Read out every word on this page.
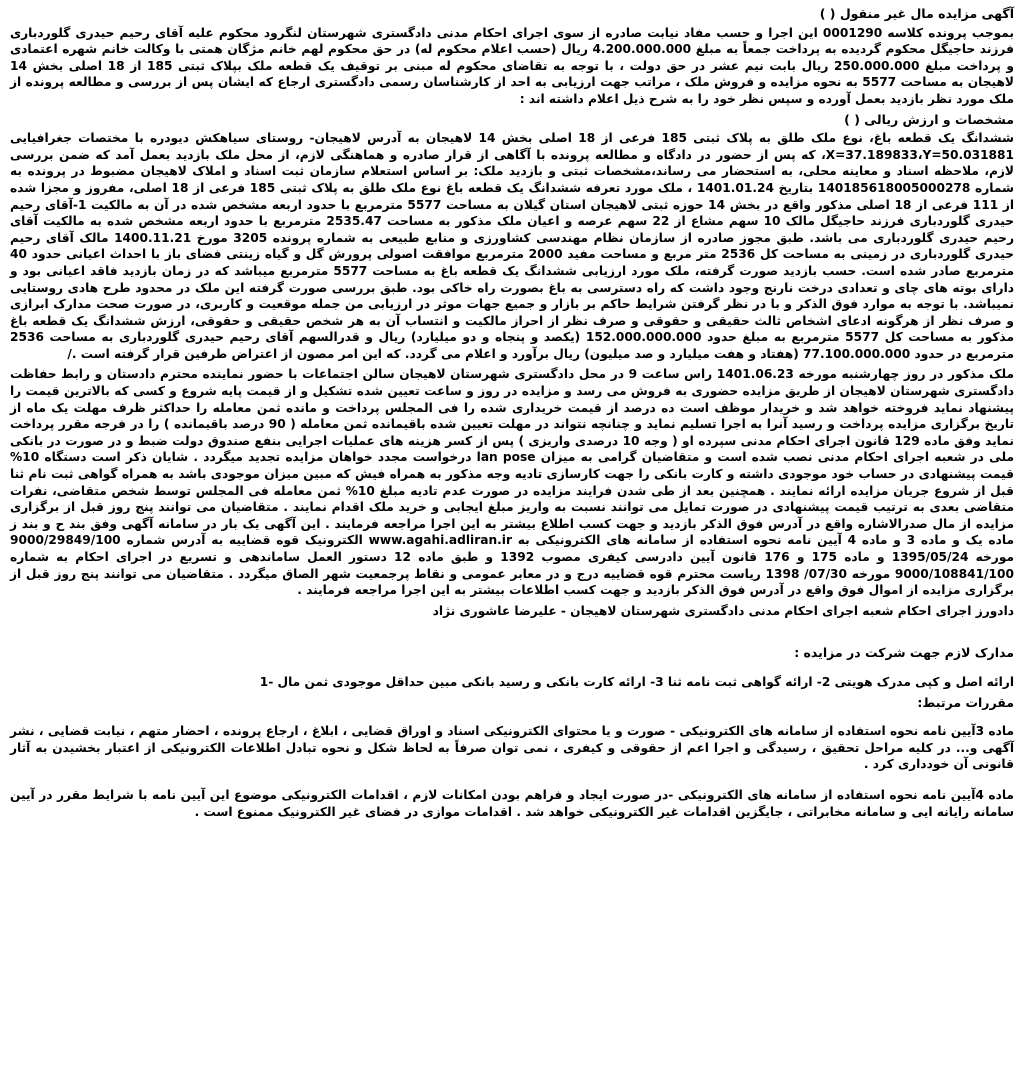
آگهی مزایده مال غیر منقول ( )
بموجب پرونده کلاسه 0001290 این اجرا و حسب مفاد نیابت صادره از سوی اجرای احکام مدنی دادگستری شهرستان لنگرود محکوم علیه آقای رحیم حیدری گلوردباری فرزند حاجیگل محکوم گردیده به پرداخت جمعاً به مبلغ 4.200.000.000 ریال (حسب اعلام محکوم له) در حق محکوم لهم خانم مژگان همتی با وکالت خانم شهره اعتمادی و پرداخت مبلغ 250.000.000 ریال بابت نیم عشر در حق دولت ، با توجه به تقاضای محکوم له مبنی بر توقیف یک قطعه ملک بپلاک ثبتی 185 از 18 اصلی بخش 14 لاهیجان به مساحت 5577 به نحوه مزایده و فروش ملک ، مراتب جهت ارزیابی به احد از کارشناسان رسمی دادگستری ارجاع که ایشان پس از بررسی و مطالعه پرونده از ملک مورد نظر بازدید بعمل آورده و سپس نظر خود را به شرح ذیل اعلام داشته اند :
مشخصات و ارزش ریالی ( )
ششدانگ یک قطعه باغ، نوع ملک طلق به پلاک ثبتی 185 فرعی از 18 اصلی بخش 14 لاهیجان به آدرس لاهیجان- روستای سیاهکش دیودره با مختصات جغرافیایی X=37.189833،Y=50.031881، که پس از حضور در دادگاه و مطالعه پرونده با آگاهی از قرار صادره و هماهنگی لازم، از محل ملک بازدید بعمل آمد که ضمن بررسی لازم، ملاحظه اسناد و معاینه محلی، به استحضار می رساند،مشخصات ثبتی و بازدید ملک: بر اساس استعلام سازمان ثبت اسناد و املاک لاهیجان مضبوط در پرونده به شماره 140185618005000278 بتاریخ 1401.01.24 ، ملک مورد تعرفه ششدانگ یک قطعه باغ نوع ملک طلق به پلاک ثبتی 185 فرعی از 18 اصلی، مفروز و مجزا شده از 111 فرعی از 18 اصلی مذکور واقع در بخش 14 حوزه ثبتی لاهیجان استان گیلان به مساحت 5577 مترمربع با حدود اربعه مشخص شده در آن به مالکیت 1-آقای رحیم حیدری گلوردباری فرزند حاجیگل مالک 10 سهم مشاع از 22 سهم عرصه و اعیان ملک مذکور به مساحت 2535.47 مترمربع با حدود اربعه مشخص شده به مالکیت آقای رحیم حیدری گلوردباری می باشد. طبق مجوز صادره از سازمان نظام مهندسی کشاورزی و منابع طبیعی به شماره پرونده 3205 مورخ 1400.11.21 مالک آقای رحیم حیدری گلوردباری در زمینی به مساحت کل 2536 متر مربع و مساحت مفید 2000 مترمربع موافقت اصولی پرورش گل و گیاه زینتی فضای باز با احداث اعیانی حدود 40 مترمربع صادر شده است. حسب بازدید صورت گرفته، ملک مورد ارزیابی ششدانگ یک قطعه باغ به مساحت 5577 مترمربع میباشد که در زمان بازدید فاقد اعیانی بود و دارای بوته های چای و تعدادی درخت نارنج وجود داشت که راه دسترسی به باغ بصورت راه خاکی بود. طبق بررسی صورت گرفته این ملک در محدود طرح هادی روستایی نمیباشد. با توجه به موارد فوق الذکر و با در نظر گرفتن شرایط حاکم بر بازار و جمیع جهات موثر در ارزیابی من جمله موقعیت و کاربری، در صورت صحت مدارک ابرازی و صرف نظر از هرگونه ادعای اشخاص ثالث حقیقی و حقوقی و صرف نظر از احراز مالکیت و انتساب آن به هر شخص حقیقی و حقوقی، ارزش ششدانگ یک قطعه باغ مذکور به مساحت کل 5577 مترمربع به مبلغ حدود 152.000.000.000 (یکصد و پنجاه و دو میلیارد) ریال و قدرالسهم آقای رحیم حیدری گلوردباری به مساحت 2536 مترمربع در حدود 77.100.000.000 (هفتاد و هفت میلیارد و صد میلیون) ریال برآورد و اعلام می گردد. که این امر مصون از اعتراض طرفین قرار گرفته است ./
ملک مذکور در روز چهارشنبه مورخه 1401.06.23 راس ساعت 9 در محل دادگستری شهرستان لاهیجان سالن اجتماعات با حضور نماینده محترم دادستان و رابط حفاظت دادگستری شهرستان لاهیجان از طریق مزایده حضوری به فروش می رسد و مزایده در روز و ساعت تعیین شده تشکیل و از قیمت پایه شروع و کسی که بالاترین قیمت را پیشنهاد نماید فروخته خواهد شد و خریدار موظف است ده درصد از قیمت خریداری شده را فی المجلس پرداخت و مانده ثمن معامله را حداکثر ظرف مهلت یک ماه از تاریخ برگزاری مزایده پرداخت و رسید آنرا به اجرا تسلیم نماید و چنانچه نتواند در مهلت تعیین شده باقیمانده ثمن معامله ( 90 درصد باقیمانده ) را در فرجه مقرر پرداخت نماید وفق ماده 129 قانون اجرای احکام مدنی سپرده او ( وجه 10 درصدی واریزی ) پس از کسر هزینه های عملیات اجرایی بنفع صندوق دولت ضبط و در صورت در بانکی ملی در شعبه اجرای احکام مدنی نصب شده است و متقاضیان گرامی به میزان lan pose درخواست مجدد خواهان مزایده تجدید میگردد . شایان ذکر است دستگاه 10% قیمت پیشنهادی در حساب خود موجودی داشته و کارت بانکی را جهت کارسازی تادیه وجه مذکور به همراه فیش که مبین میزان موجودی باشد به همراه گواهی ثبت نام ثنا قبل از شروع جریان مزایده ارائه نمایند . همچنین بعد از طی شدن فرایند مزایده در صورت عدم تادیه مبلغ 10% ثمن معامله فی المجلس توسط شخص متقاضی، نفرات متقاضی بعدی به ترتیب قیمت پیشنهادی در صورت تمایل می توانند نسبت به واریز مبلغ ایجابی و خرید ملک اقدام نمایند . متقاضیان می توانند پنج روز قبل از برگزاری مزایده از مال صدرالاشاره واقع در آدرس فوق الذکر بازدید و جهت کسب اطلاع بیشتر به این اجرا مراجعه فرمایند . این آگهی یک بار در سامانه آگهی وفق بند ح و بند ز ماده یک و ماده 3 و ماده 4 آیین نامه نحوه استفاده از سامانه های الکترونیکی به www.agahi.adliran.ir الکترونیک قوه قضاییه به آدرس شماره 9000/29849/100 مورخه 1395/05/24 و ماده 175 و 176 قانون آیین دادرسی کیفری مصوب 1392 و طبق ماده 12 دستور العمل ساماندهی و تسریع در اجرای احکام به شماره 9000/108841/100 مورخه 07/30/ 1398 ریاست محترم قوه قضاییه درج و در معابر عمومی و نقاط پرجمعیت شهر الصاق میگردد . متقاضیان می توانند پنج روز قبل از برگزاری مزایده از اموال فوق واقع در آدرس فوق الذکر بازدید و جهت کسب اطلاعات بیشتر به این اجرا مراجعه فرمایند .
دادورز اجرای احکام شعبه اجرای احکام مدنی دادگستری شهرستان لاهیجان - علیرضا عاشوری نژاد
مدارک لازم جهت شرکت در مزایده :
ارائه اصل و کپی مدرک هویتی 2- ارائه گواهی ثبت نامه ثنا 3- ارائه کارت بانکی و رسید بانکی مبین حداقل موجودی ثمن مال -1
مقررات مرتبط:
ماده 3آیین نامه نحوه استفاده از سامانه های الکترونیکی - صورت و یا محتوای الکترونیکی اسناد و اوراق قضایی ، ابلاغ ، ارجاع پرونده ، احضار متهم ، نیابت قضایی ، نشر آگهی و... در کلیه مراحل تحقیق ، رسیدگی و اجرا اعم از حقوقی و کیفری ، نمی توان صرفاً به لحاظ شکل و نحوه تبادل اطلاعات الکترونیکی از اعتبار بخشیدن به آثار قانونی آن خودداری کرد .
ماده 4آیین نامه نحوه استفاده از سامانه های الکترونیکی -در صورت ایجاد و فراهم بودن امکانات لازم ، اقدامات الکترونیکی موضوع این آیین نامه با شرایط مقرر در آیین سامانه رایانه ایی و سامانه مخابراتی ، جایگزین اقدامات غیر الکترونیکی خواهد شد . اقدامات موازی در فضای غیر الکترونیک ممنوع است .
